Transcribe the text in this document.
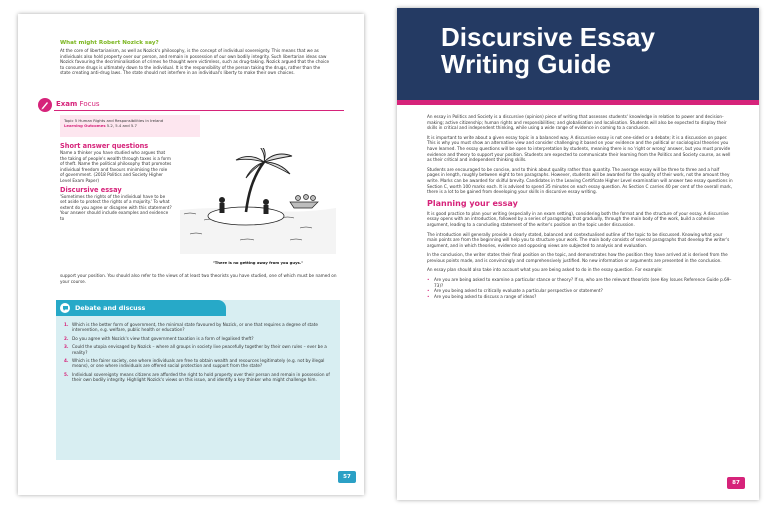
What might Robert Nozick say?
At the core of libertarianism, as well as Nozick's philosophy, is the concept of individual sovereignty. This means that we as individuals also hold property over our person, and remain in possession of our own bodily integrity. Such libertarian ideas saw Nozick favouring the decriminalisation of crimes he thought were victimless, such as drug-taking. Nozick argued that the choice to consume drugs is ultimately down to the individual. It is the responsibility of the person taking the drugs, rather than the state creating anti-drug laws. The state should not interfere in an individual's liberty to make their own choices.
Exam Focus
Topic 5 Human Rights and Responsibilities in Ireland
Learning Outcomes 5.2, 5.4 and 5.7
Short answer questions
Name a thinker you have studied who argues that the taking of people's wealth through taxes is a form of theft. Name the political philosophy that promotes individual freedom and favours minimising the role of government. (2018 Politics and Society Higher Level Exam Paper)
Discursive essay
'Sometimes the rights of the individual have to be set aside to protect the rights of a majority.' To what extent do you agree or disagree with this statement? Your answer should include examples and evidence to
support your position. You should also refer to the views of at least two theorists you have studied, one of which must be named on your course.
"There is no getting away from you guys."
Debate and discuss
1. Which is the better form of government, the minimal state favoured by Nozick, or one that requires a degree of state intervention, e.g. welfare, public health or education?
2. Do you agree with Nozick's view that government taxation is a form of legalised theft?
3. Could the utopia envisaged by Nozick – where all groups in society live peacefully together by their own rules – ever be a reality?
4. Which is the fairer society, one where individuals are free to obtain wealth and resources legitimately (e.g. not by illegal means), or one where individuals are offered social protection and support from the state?
5. Individual sovereignty means citizens are afforded the right to hold property over their person and remain in possession of their own bodily integrity. Highlight Nozick's views on this issue, and identify a key thinker who might challenge him.
57
Discursive Essay
Writing Guide
An essay in Politics and Society is a discursive (opinion) piece of writing that assesses students' knowledge in relation to power and decision-making; active citizenship; human rights and responsibilities; and globalisation and localisation. Students will also be expected to display their skills in critical and independent thinking, while using a wide range of evidence in coming to a conclusion.
It is important to write about a given essay topic in a balanced way. A discursive essay is not one-sided or a debate; it is a discussion on paper. This is why you must show an alternative view and consider challenging it based on your evidence and the political or sociological theories you have learned. The essay questions will be open to interpretation by students, meaning there is no 'right or wrong' answer, but you must provide evidence and theory to support your position. Students are expected to communicate their learning from the Politics and Society course, as well as their critical and independent thinking skills.
Students are encouraged to be concise, and to think about quality rather than quantity. The average essay will be three to three and a half pages in length, roughly between eight to ten paragraphs. However, students will be awarded for the quality of their work, not the amount they write. Marks can be awarded for skilful brevity. Candidates in the Leaving Certificate Higher Level examination will answer two essay questions in Section C, worth 100 marks each. It is advised to spend 35 minutes on each essay question. As Section C carries 40 per cent of the overall mark, there is a lot to be gained from developing your skills in discursive essay writing.
Planning your essay
It is good practice to plan your writing (especially in an exam setting), considering both the format and the structure of your essay. A discursive essay opens with an introduction, followed by a series of paragraphs that gradually, through the main body of the work, build a cohesive argument, leading to a concluding statement of the writer's position on the topic under discussion.
The introduction will generally provide a clearly stated, balanced and contextualised outline of the topic to be discussed. Knowing what your main points are from the beginning will help you to structure your work. The main body consists of several paragraphs that develop the writer's argument, and in which theories, evidence and opposing views are subjected to analysis and evaluation.
In the conclusion, the writer states their final position on the topic, and demonstrates how the position they have arrived at is derived from the previous points made, and is convincingly and comprehensively justified. No new information or arguments are presented in the conclusion.
An essay plan should also take into account what you are being asked to do in the essay question. For example:
•	Are you are being asked to examine a particular stance or theory? If so, who are the relevant theorists (see Key Issues Reference Guide p.69–73)?
•	Are you being asked to critically evaluate a particular perspective or statement?
•	Are you being asked to discuss a range of ideas?
87
